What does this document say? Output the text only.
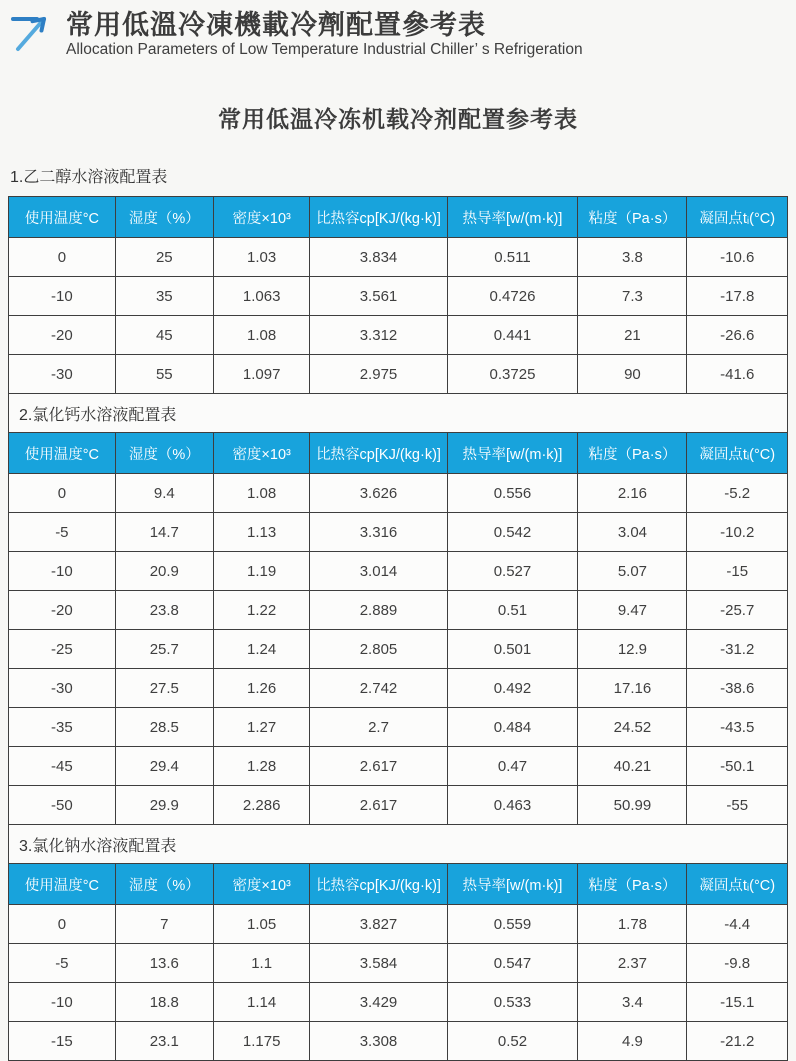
常用低溫冷凍機載冷劑配置參考表

Allocation Parameters of Low Temperature Industrial Chiller’ s Refrigeration

常用低温冷冻机载冷剂配置参考表
1.乙二醇水溶液配置表
使用温度°C	湿度（%）	密度×10³	比热容cp[KJ/(kg·k)]	热导率[w/(m·k)]	粘度（Pa·s）	凝固点tᵢ(°C)
0	25	1.03	3.834	0.511	3.8	-10.6
-10	35	1.063	3.561	0.4726	7.3	-17.8
-20	45	1.08	3.312	0.441	21	-26.6
-30	55	1.097	2.975	0.3725	90	-41.6
2.氯化钙水溶液配置表						
使用温度°C	湿度（%）	密度×10³	比热容cp[KJ/(kg·k)]	热导率[w/(m·k)]	粘度（Pa·s）	凝固点tᵢ(°C)
0	9.4	1.08	3.626	0.556	2.16	-5.2
-5	14.7	1.13	3.316	0.542	3.04	-10.2
-10	20.9	1.19	3.014	0.527	5.07	-15
-20	23.8	1.22	2.889	0.51	9.47	-25.7
-25	25.7	1.24	2.805	0.501	12.9	-31.2
-30	27.5	1.26	2.742	0.492	17.16	-38.6
-35	28.5	1.27	2.7	0.484	24.52	-43.5
-45	29.4	1.28	2.617	0.47	40.21	-50.1
-50	29.9	2.286	2.617	0.463	50.99	-55
3.氯化钠水溶液配置表						
使用温度°C	湿度（%）	密度×10³	比热容cp[KJ/(kg·k)]	热导率[w/(m·k)]	粘度（Pa·s）	凝固点tᵢ(°C)
0	7	1.05	3.827	0.559	1.78	-4.4
-5	13.6	1.1	3.584	0.547	2.37	-9.8
-10	18.8	1.14	3.429	0.533	3.4	-15.1
-15	23.1	1.175	3.308	0.52	4.9	-21.2
